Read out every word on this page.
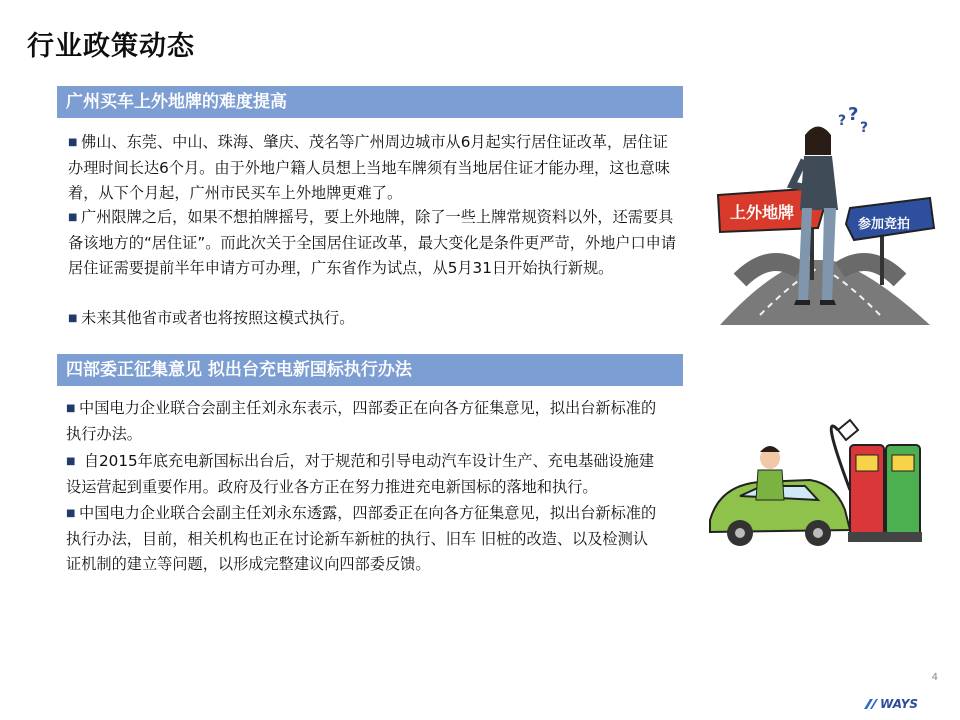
行业政策动态
广州买车上外地牌的难度提高
■ 佛山、东莞、中山、珠海、肇庆、茂名等广州周边城市从6月起实行居住证改革，居住证办理时间长达6个月。由于外地户籍人员想上当地车牌须有当地居住证才能办理，这也意味着，从下个月起，广州市民买车上外地牌更难了。
■ 广州限牌之后，如果不想拍牌摇号，要上外地牌，除了一些上牌常规资料以外，还需要具备该地方的“居住证”。而此次关于全国居住证改革，最大变化是条件更严苛，外地户口申请居住证需要提前半年申请方可办理，广东省作为试点，从5月31日开始执行新规。
■ 未来其他省市或者也将按照这模式执行。
上外地牌
参加竞拍
? ?
?
四部委正征集意见 拟出台充电新国标执行办法
■ 中国电力企业联合会副主任刘永东表示，四部委正在向各方征集意见，拟出台新标准的执行办法。
■ 自2015年底充电新国标出台后，对于规范和引导电动汽车设计生产、充电基础设施建设运营起到重要作用。政府及行业各方正在努力推进充电新国标的落地和执行。
■ 中国电力企业联合会副主任刘永东透露，四部委正在向各方征集意见，拟出台新标准的执行办法，目前，相关机构也正在讨论新车新桩的执行、旧车 旧桩的改造、以及检测认证机制的建立等问题，以形成完整建议向四部委反馈。
4
WAYS
